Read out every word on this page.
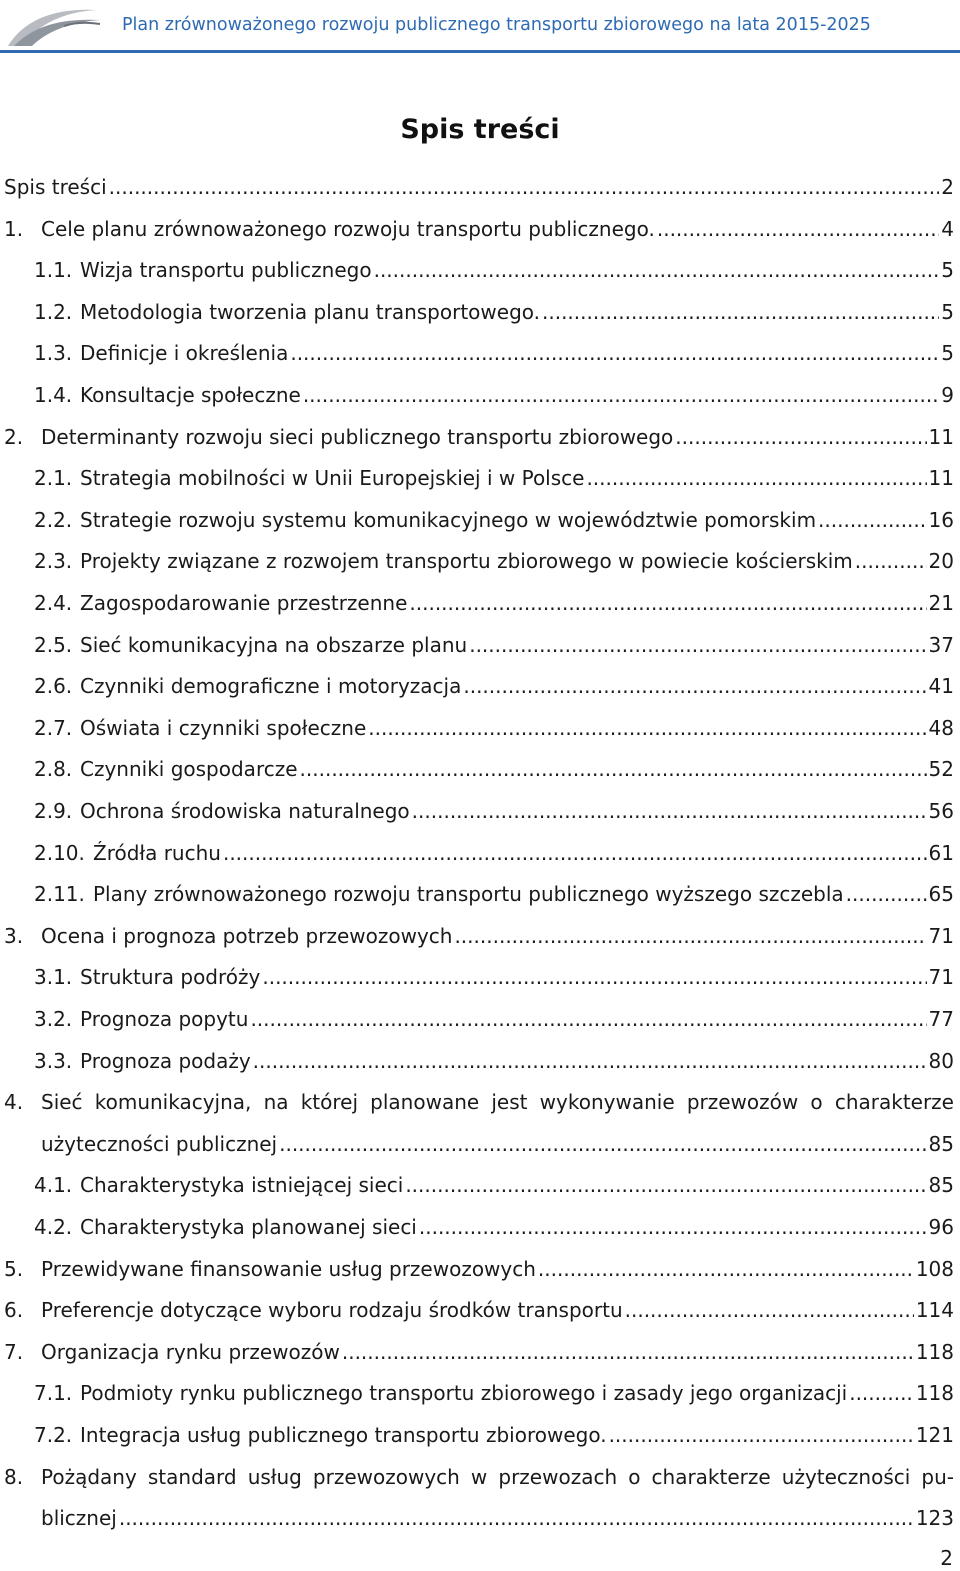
Plan zrównoważonego rozwoju publicznego transportu zbiorowego na lata 2015-2025
Spis treści
Spis treści .....	2
1. Cele planu zrównoważonego rozwoju transportu publicznego. .....	4
1.1. Wizja transportu publicznego .....	5
1.2. Metodologia tworzenia planu transportowego. .....	5
1.3. Definicje i określenia .....	5
1.4. Konsultacje społeczne .....	9
2. Determinanty rozwoju sieci publicznego transportu zbiorowego .....	11
2.1. Strategia mobilności w Unii Europejskiej i w Polsce .....	11
2.2. Strategie rozwoju systemu komunikacyjnego w województwie pomorskim .....	16
2.3. Projekty związane z rozwojem transportu zbiorowego w powiecie kościerskim .....	20
2.4. Zagospodarowanie przestrzenne .....	21
2.5. Sieć komunikacyjna na obszarze planu .....	37
2.6. Czynniki demograficzne i motoryzacja .....	41
2.7. Oświata i czynniki społeczne .....	48
2.8. Czynniki gospodarcze .....	52
2.9. Ochrona środowiska naturalnego .....	56
2.10. Źródła ruchu .....	61
2.11. Plany zrównoważonego rozwoju transportu publicznego wyższego szczebla .....	65
3. Ocena i prognoza potrzeb przewozowych .....	71
3.1. Struktura podróży .....	71
3.2. Prognoza popytu .....	77
3.3. Prognoza podaży .....	80
4. Sieć komunikacyjna, na której planowane jest wykonywanie przewozów o charakterze
użyteczności publicznej .....	85
4.1. Charakterystyka istniejącej sieci .....	85
4.2. Charakterystyka planowanej sieci .....	96
5. Przewidywane finansowanie usług przewozowych .....	108
6. Preferencje dotyczące wyboru rodzaju środków transportu .....	114
7. Organizacja rynku przewozów .....	118
7.1. Podmioty rynku publicznego transportu zbiorowego i zasady jego organizacji .....	118
7.2. Integracja usług publicznego transportu zbiorowego. .....	121
8. Pożądany standard usług przewozowych w przewozach o charakterze użyteczności pu-
blicznej .....	123
2
